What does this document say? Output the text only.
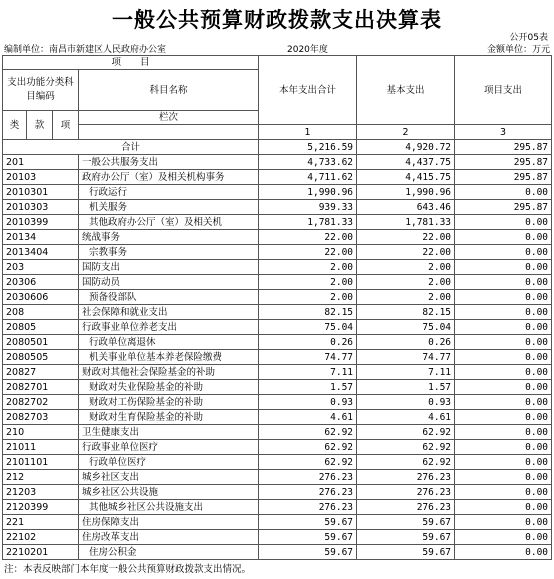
一般公共预算财政拨款支出决算表
公开05表
编制单位：南昌市新建区人民政府办公室	2020年度	金额单位：万元
项　　目				本年支出合计	基本支出	项目支出
支出功能分类科目编码			科目名称			
类	款	项				
			栏次			
				1	2	3
合计				5,216.59	4,920.72	295.87
201			一般公共服务支出	4,733.62	4,437.75	295.87
20103			政府办公厅（室）及相关机构事务	4,711.62	4,415.75	295.87
2010301			行政运行	1,990.96	1,990.96	0.00
2010303			机关服务	939.33	643.46	295.87
2010399			其他政府办公厅（室）及相关机	1,781.33	1,781.33	0.00
20134			统战事务	22.00	22.00	0.00
2013404			宗教事务	22.00	22.00	0.00
203			国防支出	2.00	2.00	0.00
20306			国防动员	2.00	2.00	0.00
2030606			预备役部队	2.00	2.00	0.00
208			社会保障和就业支出	82.15	82.15	0.00
20805			行政事业单位养老支出	75.04	75.04	0.00
2080501			行政单位离退休	0.26	0.26	0.00
2080505			机关事业单位基本养老保险缴费	74.77	74.77	0.00
20827			财政对其他社会保险基金的补助	7.11	7.11	0.00
2082701			财政对失业保险基金的补助	1.57	1.57	0.00
2082702			财政对工伤保险基金的补助	0.93	0.93	0.00
2082703			财政对生育保险基金的补助	4.61	4.61	0.00
210			卫生健康支出	62.92	62.92	0.00
21011			行政事业单位医疗	62.92	62.92	0.00
2101101			行政单位医疗	62.92	62.92	0.00
212			城乡社区支出	276.23	276.23	0.00
21203			城乡社区公共设施	276.23	276.23	0.00
2120399			其他城乡社区公共设施支出	276.23	276.23	0.00
221			住房保障支出	59.67	59.67	0.00
22102			住房改革支出	59.67	59.67	0.00
2210201			住房公积金	59.67	59.67	0.00
注：本表反映部门本年度一般公共预算财政拨款支出情况。
